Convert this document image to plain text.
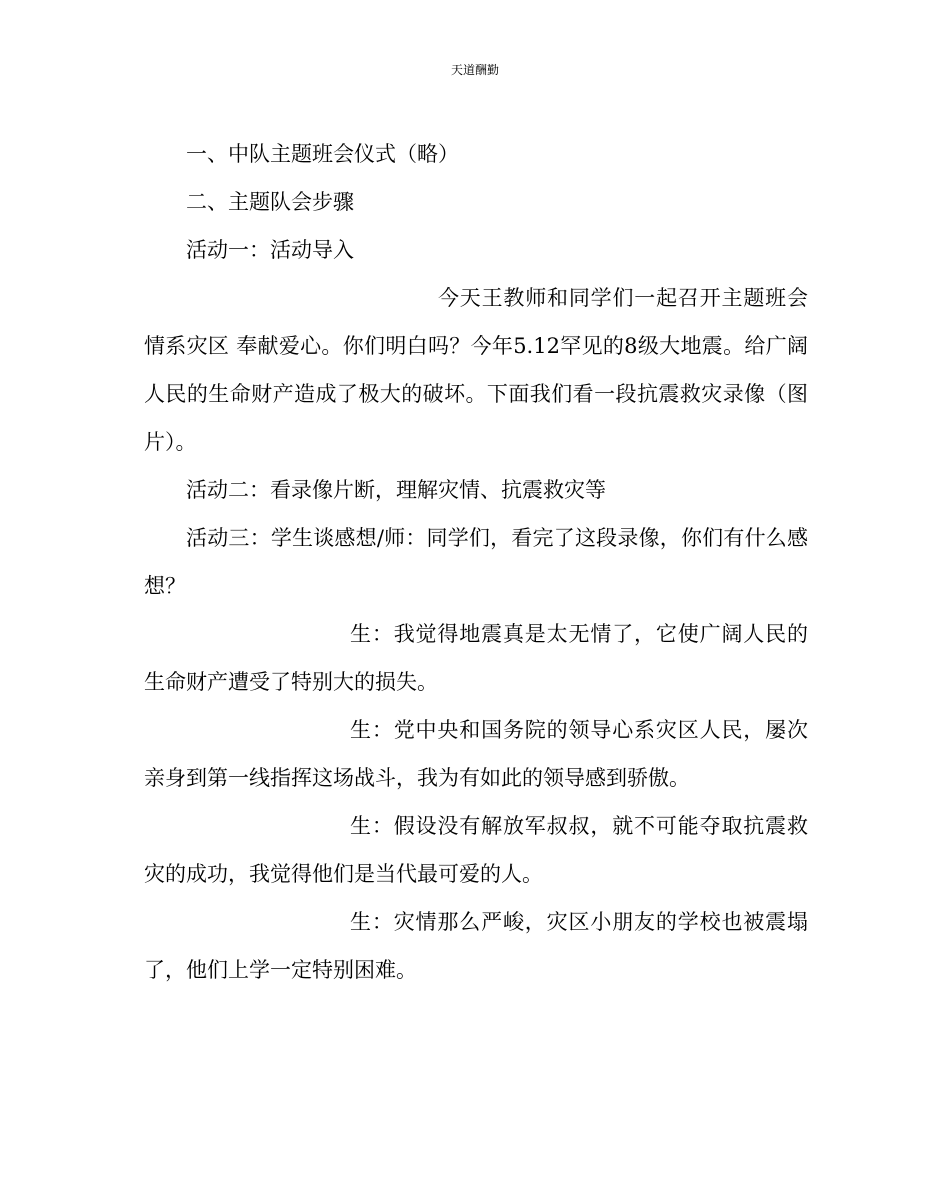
天道酬勤

一、中队主题班会仪式（略）

二、主题队会步骤

活动一：活动导入

今天王教师和同学们一起召开主题班会情系灾区 奉献爱心。你们明白吗？今年5.12罕见的8级大地震。给广阔人民的生命财产造成了极大的破坏。下面我们看一段抗震救灾录像（图片）。

活动二：看录像片断，理解灾情、抗震救灾等

活动三：学生谈感想/师：同学们，看完了这段录像，你们有什么感想？

生：我觉得地震真是太无情了，它使广阔人民的生命财产遭受了特别大的损失。

生：党中央和国务院的领导心系灾区人民，屡次亲身到第一线指挥这场战斗，我为有如此的领导感到骄傲。

生：假设没有解放军叔叔，就不可能夺取抗震救灾的成功，我觉得他们是当代最可爱的人。

生：灾情那么严峻，灾区小朋友的学校也被震塌了，他们上学一定特别困难。
